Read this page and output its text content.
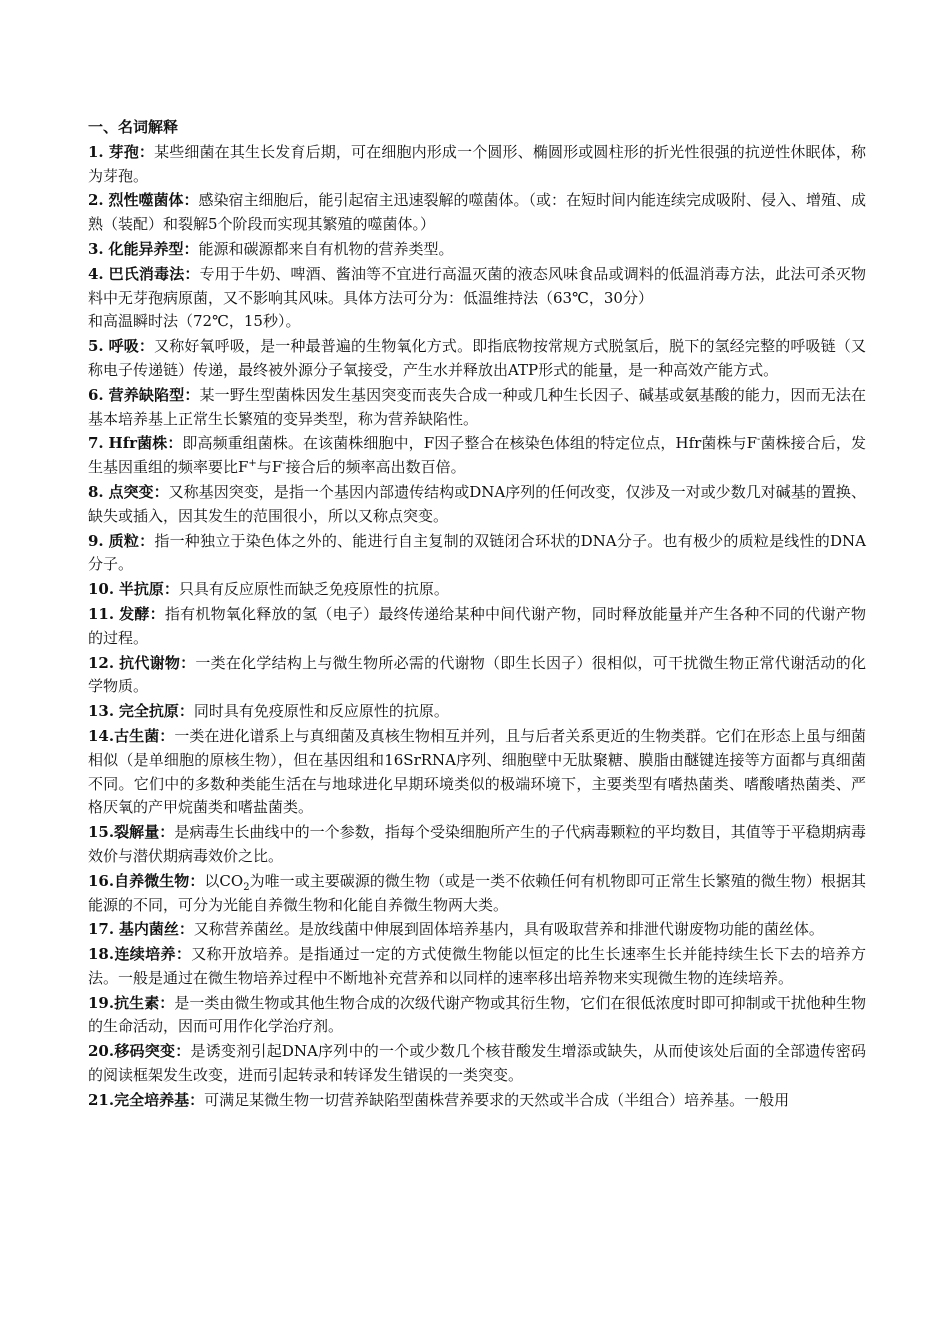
一、名词解释
1. 芽孢：某些细菌在其生长发育后期，可在细胞内形成一个圆形、椭圆形或圆柱形的折光性很强的抗逆性休眠体，称为芽孢。
2. 烈性噬菌体：感染宿主细胞后，能引起宿主迅速裂解的噬菌体。（或：在短时间内能连续完成吸附、侵入、增殖、成熟（装配）和裂解5个阶段而实现其繁殖的噬菌体。）
3. 化能异养型：能源和碳源都来自有机物的营养类型。
4. 巴氏消毒法：专用于牛奶、啤酒、酱油等不宜进行高温灭菌的液态风味食品或调料的低温消毒方法，此法可杀灭物料中无芽孢病原菌，又不影响其风味。具体方法可分为：低温维持法（63℃，30分）
和高温瞬时法（72℃，15秒）。
5. 呼吸：又称好氧呼吸，是一种最普遍的生物氧化方式。即指底物按常规方式脱氢后，脱下的氢经完整的呼吸链（又称电子传递链）传递，最终被外源分子氧接受，产生水并释放出ATP形式的能量，是一种高效产能方式。
6. 营养缺陷型：某一野生型菌株因发生基因突变而丧失合成一种或几种生长因子、碱基或氨基酸的能力，因而无法在基本培养基上正常生长繁殖的变异类型，称为营养缺陷性。
7. Hfr菌株：即高频重组菌株。在该菌株细胞中，F因子整合在核染色体组的特定位点，Hfr菌株与F-菌株接合后，发生基因重组的频率要比F+与F-接合后的频率高出数百倍。
8. 点突变：又称基因突变，是指一个基因内部遗传结构或DNA序列的任何改变，仅涉及一对或少数几对碱基的置换、缺失或插入，因其发生的范围很小，所以又称点突变。
9. 质粒：指一种独立于染色体之外的、能进行自主复制的双链闭合环状的DNA分子。也有极少的质粒是线性的DNA分子。
10. 半抗原：只具有反应原性而缺乏免疫原性的抗原。
11. 发酵：指有机物氧化释放的氢（电子）最终传递给某种中间代谢产物，同时释放能量并产生各种不同的代谢产物的过程。
12. 抗代谢物：一类在化学结构上与微生物所必需的代谢物（即生长因子）很相似，可干扰微生物正常代谢活动的化学物质。
13. 完全抗原：同时具有免疫原性和反应原性的抗原。
14.古生菌：一类在进化谱系上与真细菌及真核生物相互并列，且与后者关系更近的生物类群。它们在形态上虽与细菌相似（是单细胞的原核生物），但在基因组和16SrRNA序列、细胞壁中无肽聚糖、膜脂由醚键连接等方面都与真细菌不同。它们中的多数种类能生活在与地球进化早期环境类似的极端环境下，主要类型有嗜热菌类、嗜酸嗜热菌类、严格厌氧的产甲烷菌类和嗜盐菌类。
15.裂解量：是病毒生长曲线中的一个参数，指每个受染细胞所产生的子代病毒颗粒的平均数目，其值等于平稳期病毒效价与潜伏期病毒效价之比。
16.自养微生物：以$CO_2$为唯一或主要碳源的微生物（或是一类不依赖任何有机物即可正常生长繁殖的微生物）根据其能源的不同，可分为光能自养微生物和化能自养微生物两大类。
17. 基内菌丝：又称营养菌丝。是放线菌中伸展到固体培养基内，具有吸取营养和排泄代谢废物功能的菌丝体。
18.连续培养：又称开放培养。是指通过一定的方式使微生物能以恒定的比生长速率生长并能持续生长下去的培养方法。一般是通过在微生物培养过程中不断地补充营养和以同样的速率移出培养物来实现微生物的连续培养。
19.抗生素：是一类由微生物或其他生物合成的次级代谢产物或其衍生物，它们在很低浓度时即可抑制或干扰他种生物的生命活动，因而可用作化学治疗剂。
20.移码突变：是诱变剂引起DNA序列中的一个或少数几个核苷酸发生增添或缺失，从而使该处后面的全部遗传密码的阅读框架发生改变，进而引起转录和转译发生错误的一类突变。
21.完全培养基：可满足某微生物一切营养缺陷型菌株营养要求的天然或半合成（半组合）培养基。一般用
